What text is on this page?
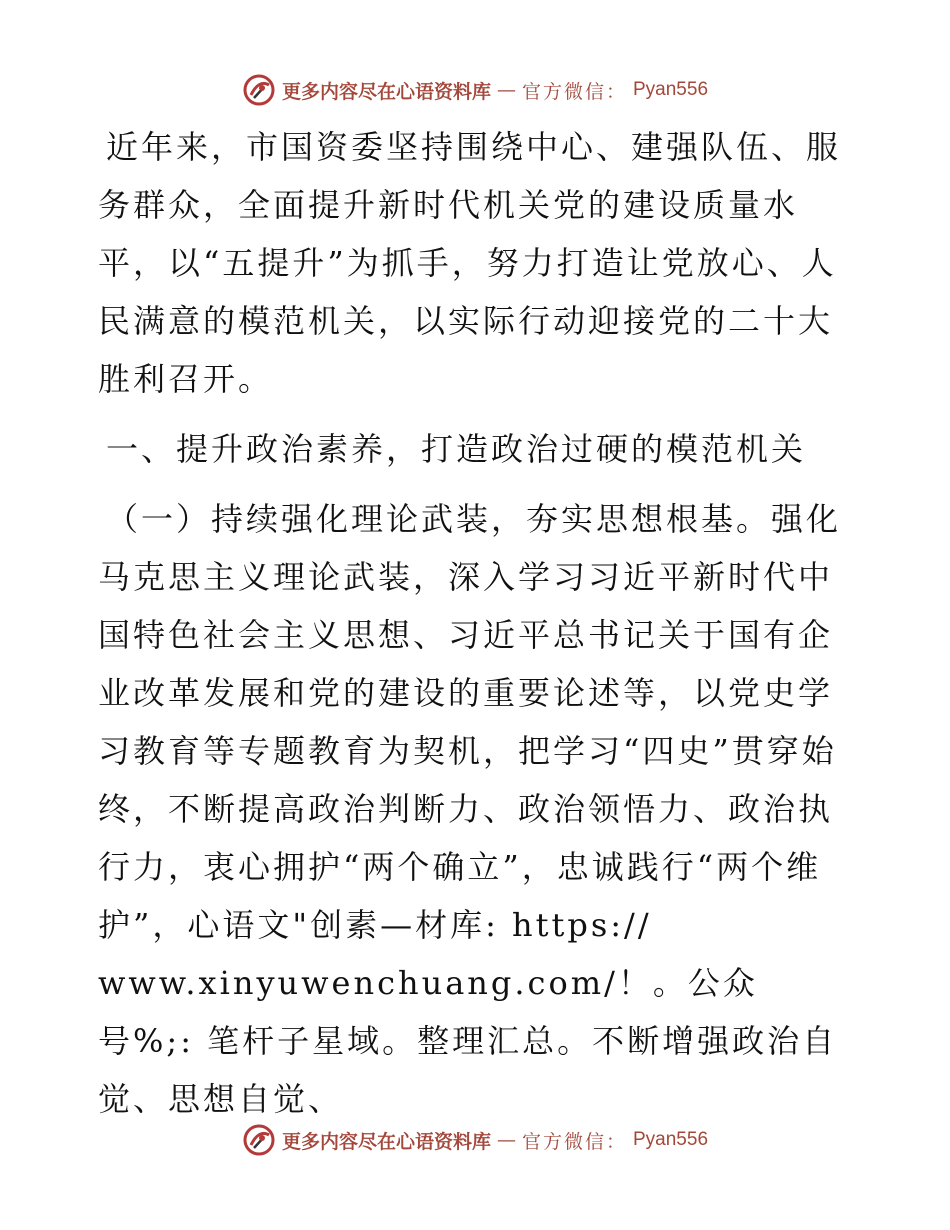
更多内容尽在心语资料库 — 官方微信： Pyan556

近年来，市国资委坚持围绕中心、建强队伍、服务群众，全面提升新时代机关党的建设质量水平，以“五提升”为抓手，努力打造让党放心、人民满意的模范机关，以实际行动迎接党的二十大胜利召开。

一、提升政治素养，打造政治过硬的模范机关

（一）持续强化理论武装，夯实思想根基。强化马克思主义理论武装，深入学习习近平新时代中国特色社会主义思想、习近平总书记关于国有企业改革发展和党的建设的重要论述等，以党史学习教育等专题教育为契机，把学习“四史”贯穿始终，不断提高政治判断力、政治领悟力、政治执行力，衷心拥护“两个确立”，忠诚践行“两个维护”，心语文"创素—材库: https://

www.xinyuwenchuang.com/！。公众号%;: 笔杆子星域。整理汇总。不断增强政治自觉、思想自觉、

更多内容尽在心语资料库 — 官方微信： Pyan556
